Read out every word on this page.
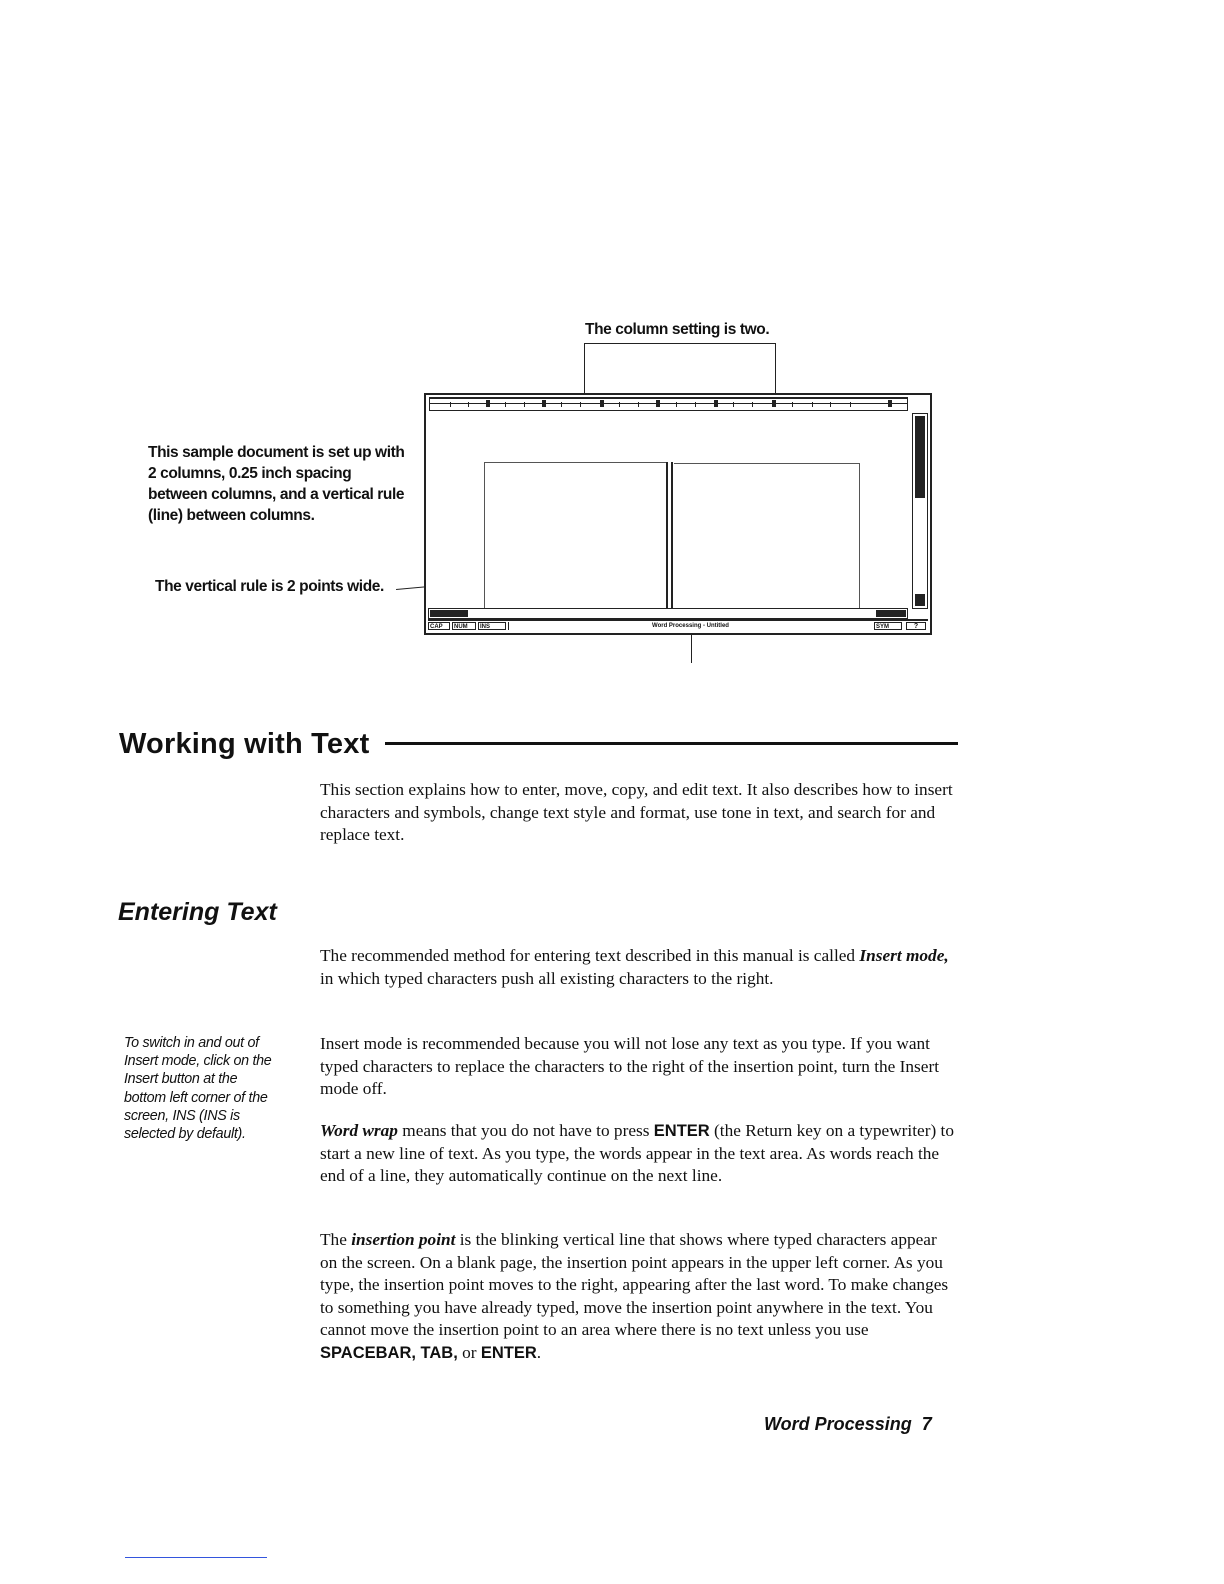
The column setting is two.
This sample document is set up with 2 columns, 0.25 inch spacing between columns, and a vertical rule (line) between columns.
The vertical rule is 2 points wide.
CAP	NUM	INS	Word Processing - Untitled	SYM	?
Working with Text

This section explains how to enter, move, copy, and edit text. It also describes how to insert characters and symbols, change text style and format, use tone in text, and search for and replace text.

Entering Text

The recommended method for entering text described in this manual is called Insert mode, in which typed characters push all existing characters to the right.

Insert mode is recommended because you will not lose any text as you type. If you want typed characters to replace the characters to the right of the insertion point, turn the Insert mode off.

Word wrap means that you do not have to press ENTER (the Return key on a typewriter) to start a new line of text. As you type, the words appear in the text area. As words reach the end of a line, they automatically continue on the next line.

The insertion point is the blinking vertical line that shows where typed characters appear on the screen. On a blank page, the insertion point appears in the upper left corner. As you type, the insertion point moves to the right, appearing after the last word. To make changes to something you have already typed, move the insertion point anywhere in the text. You cannot move the insertion point to an area where there is no text unless you use SPACEBAR, TAB, or ENTER.

To switch in and out of Insert mode, click on the Insert button at the bottom left corner of the screen, INS (INS is selected by default).
Word Processing 7
